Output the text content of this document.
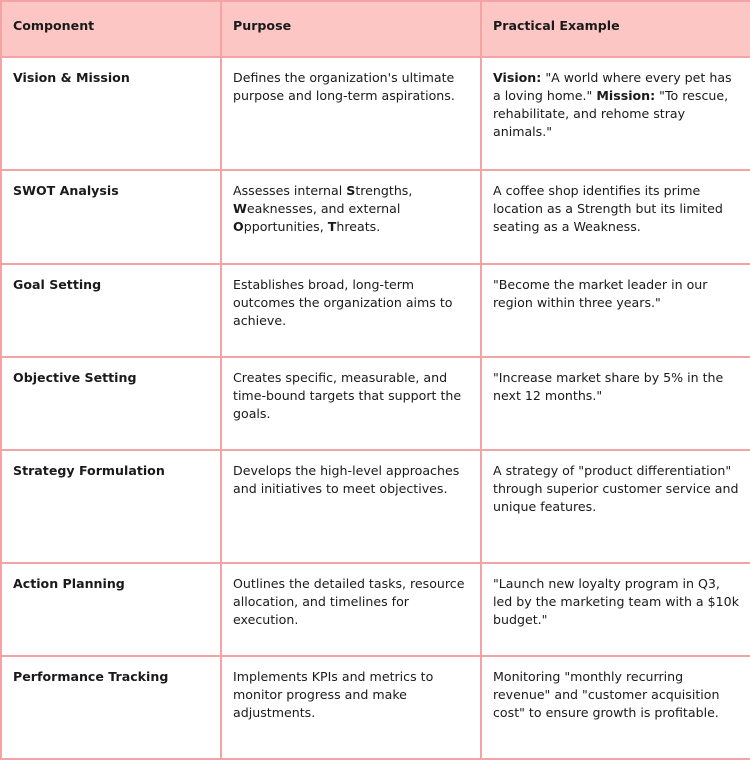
Component	Purpose	Practical Example
Vision & Mission	Defines the organization's ultimate purpose and long-term aspirations.	Vision: "A world where every pet has a loving home." Mission: "To rescue, rehabilitate, and rehome stray animals."
SWOT Analysis	Assesses internal Strengths, Weaknesses, and external Opportunities, Threats.	A coffee shop identifies its prime location as a Strength but its limited seating as a Weakness.
Goal Setting	Establishes broad, long-term outcomes the organization aims to achieve.	"Become the market leader in our region within three years."
Objective Setting	Creates specific, measurable, and time-bound targets that support the goals.	"Increase market share by 5% in the next 12 months."
Strategy Formulation	Develops the high-level approaches and initiatives to meet objectives.	A strategy of "product differentiation" through superior customer service and unique features.
Action Planning	Outlines the detailed tasks, resource allocation, and timelines for execution.	"Launch new loyalty program in Q3, led by the marketing team with a $10k budget."
Performance Tracking	Implements KPIs and metrics to monitor progress and make adjustments.	Monitoring "monthly recurring revenue" and "customer acquisition cost" to ensure growth is profitable.
